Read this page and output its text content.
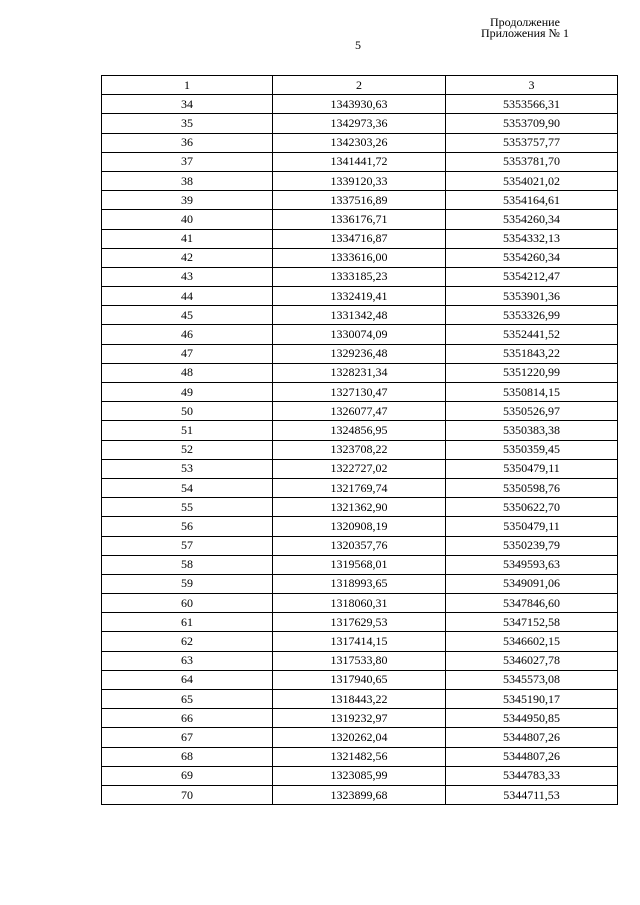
Продолжение
Приложения № 1
5
1	2	3
34	1343930,63	5353566,31
35	1342973,36	5353709,90
36	1342303,26	5353757,77
37	1341441,72	5353781,70
38	1339120,33	5354021,02
39	1337516,89	5354164,61
40	1336176,71	5354260,34
41	1334716,87	5354332,13
42	1333616,00	5354260,34
43	1333185,23	5354212,47
44	1332419,41	5353901,36
45	1331342,48	5353326,99
46	1330074,09	5352441,52
47	1329236,48	5351843,22
48	1328231,34	5351220,99
49	1327130,47	5350814,15
50	1326077,47	5350526,97
51	1324856,95	5350383,38
52	1323708,22	5350359,45
53	1322727,02	5350479,11
54	1321769,74	5350598,76
55	1321362,90	5350622,70
56	1320908,19	5350479,11
57	1320357,76	5350239,79
58	1319568,01	5349593,63
59	1318993,65	5349091,06
60	1318060,31	5347846,60
61	1317629,53	5347152,58
62	1317414,15	5346602,15
63	1317533,80	5346027,78
64	1317940,65	5345573,08
65	1318443,22	5345190,17
66	1319232,97	5344950,85
67	1320262,04	5344807,26
68	1321482,56	5344807,26
69	1323085,99	5344783,33
70	1323899,68	5344711,53
